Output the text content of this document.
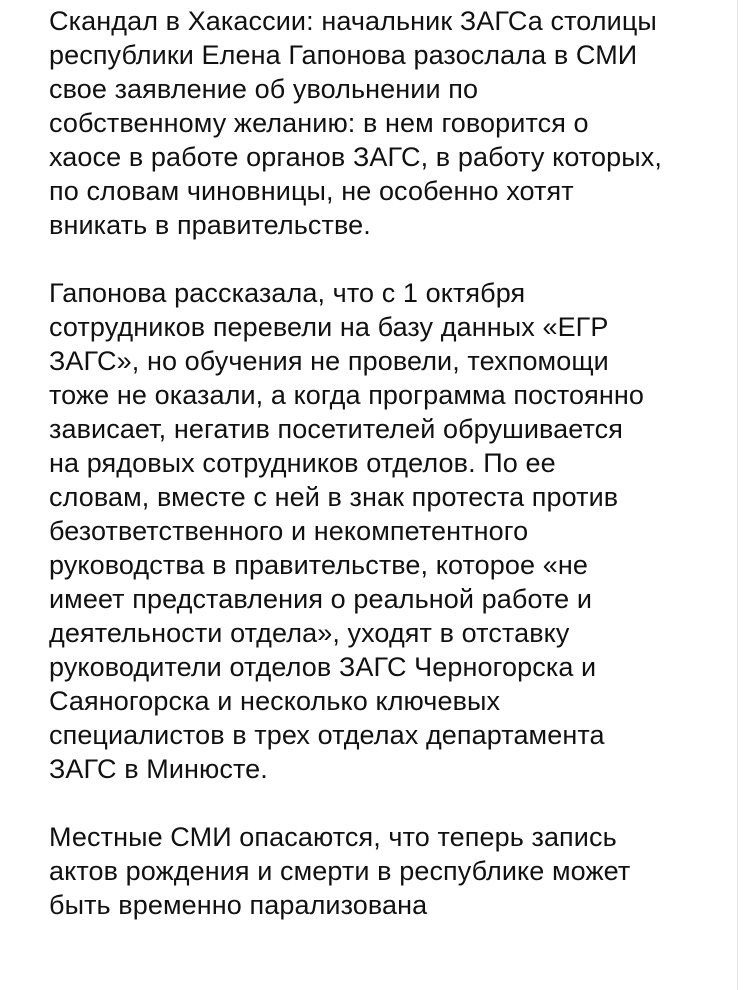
Скандал в Хакассии: начальник ЗАГСа столицы
республики Елена Гапонова разослала в СМИ
свое заявление об увольнении по
собственному желанию: в нем говорится о
хаосе в работе органов ЗАГС, в работу которых,
по словам чиновницы, не особенно хотят
вникать в правительстве.

Гапонова рассказала, что с 1 октября
сотрудников перевели на базу данных «ЕГР
ЗАГС», но обучения не провели, техпомощи
тоже не оказали, а когда программа постоянно
зависает, негатив посетителей обрушивается
на рядовых сотрудников отделов. По ее
словам, вместе с ней в знак протеста против
безответственного и некомпетентного
руководства в правительстве, которое «не
имеет представления о реальной работе и
деятельности отдела», уходят в отставку
руководители отделов ЗАГС Черногорска и
Саяногорска и несколько ключевых
специалистов в трех отделах департамента
ЗАГС в Минюсте.

Местные СМИ опасаются, что теперь запись
актов рождения и смерти в республике может
быть временно парализована
